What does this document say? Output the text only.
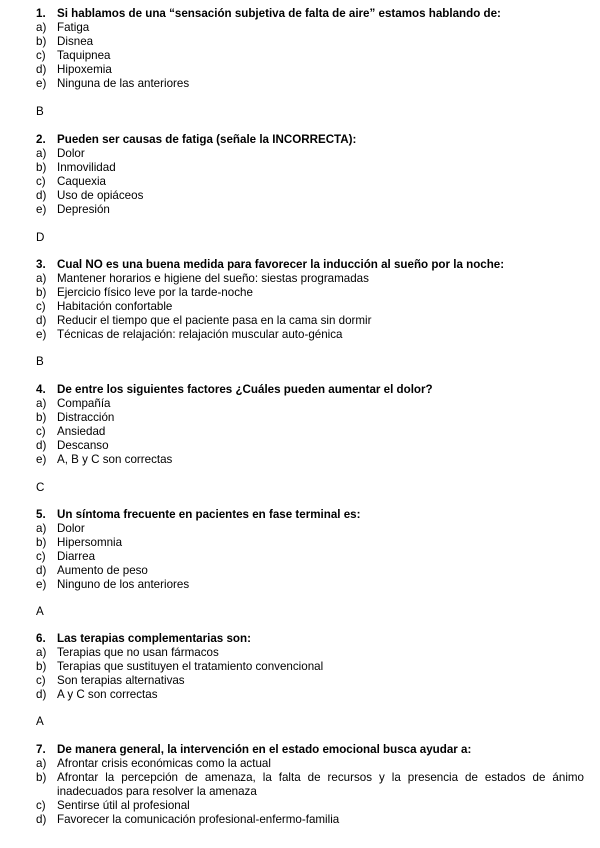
1. Si hablamos de una “sensación subjetiva de falta de aire” estamos hablando de:
a) Fatiga
b) Disnea
c) Taquipnea
d) Hipoxemia
e) Ninguna de las anteriores
B
2. Pueden ser causas de fatiga (señale la INCORRECTA):
a) Dolor
b) Inmovilidad
c) Caquexia
d) Uso de opiáceos
e) Depresión
D
3. Cual NO es una buena medida para favorecer la inducción al sueño por la noche:
a) Mantener horarios e higiene del sueño: siestas programadas
b) Ejercicio físico leve por la tarde-noche
c) Habitación confortable
d) Reducir el tiempo que el paciente pasa en la cama sin dormir
e) Técnicas de relajación: relajación muscular auto-génica
B
4. De entre los siguientes factores ¿Cuáles pueden aumentar el dolor?
a) Compañía
b) Distracción
c) Ansiedad
d) Descanso
e) A, B y C son correctas
C
5. Un síntoma frecuente en pacientes en fase terminal es:
a) Dolor
b) Hipersomnia
c) Diarrea
d) Aumento de peso
e) Ninguno de los anteriores
A
6. Las terapias complementarias son:
a) Terapias que no usan fármacos
b) Terapias que sustituyen el tratamiento convencional
c) Son terapias alternativas
d) A y C son correctas
A
7. De manera general, la intervención en el estado emocional busca ayudar a:
a) Afrontar crisis económicas como la actual
b) Afrontar la percepción de amenaza, la falta de recursos y la presencia de estados de ánimo inadecuados para resolver la amenaza
c) Sentirse útil al profesional
d) Favorecer la comunicación profesional-enfermo-familia
